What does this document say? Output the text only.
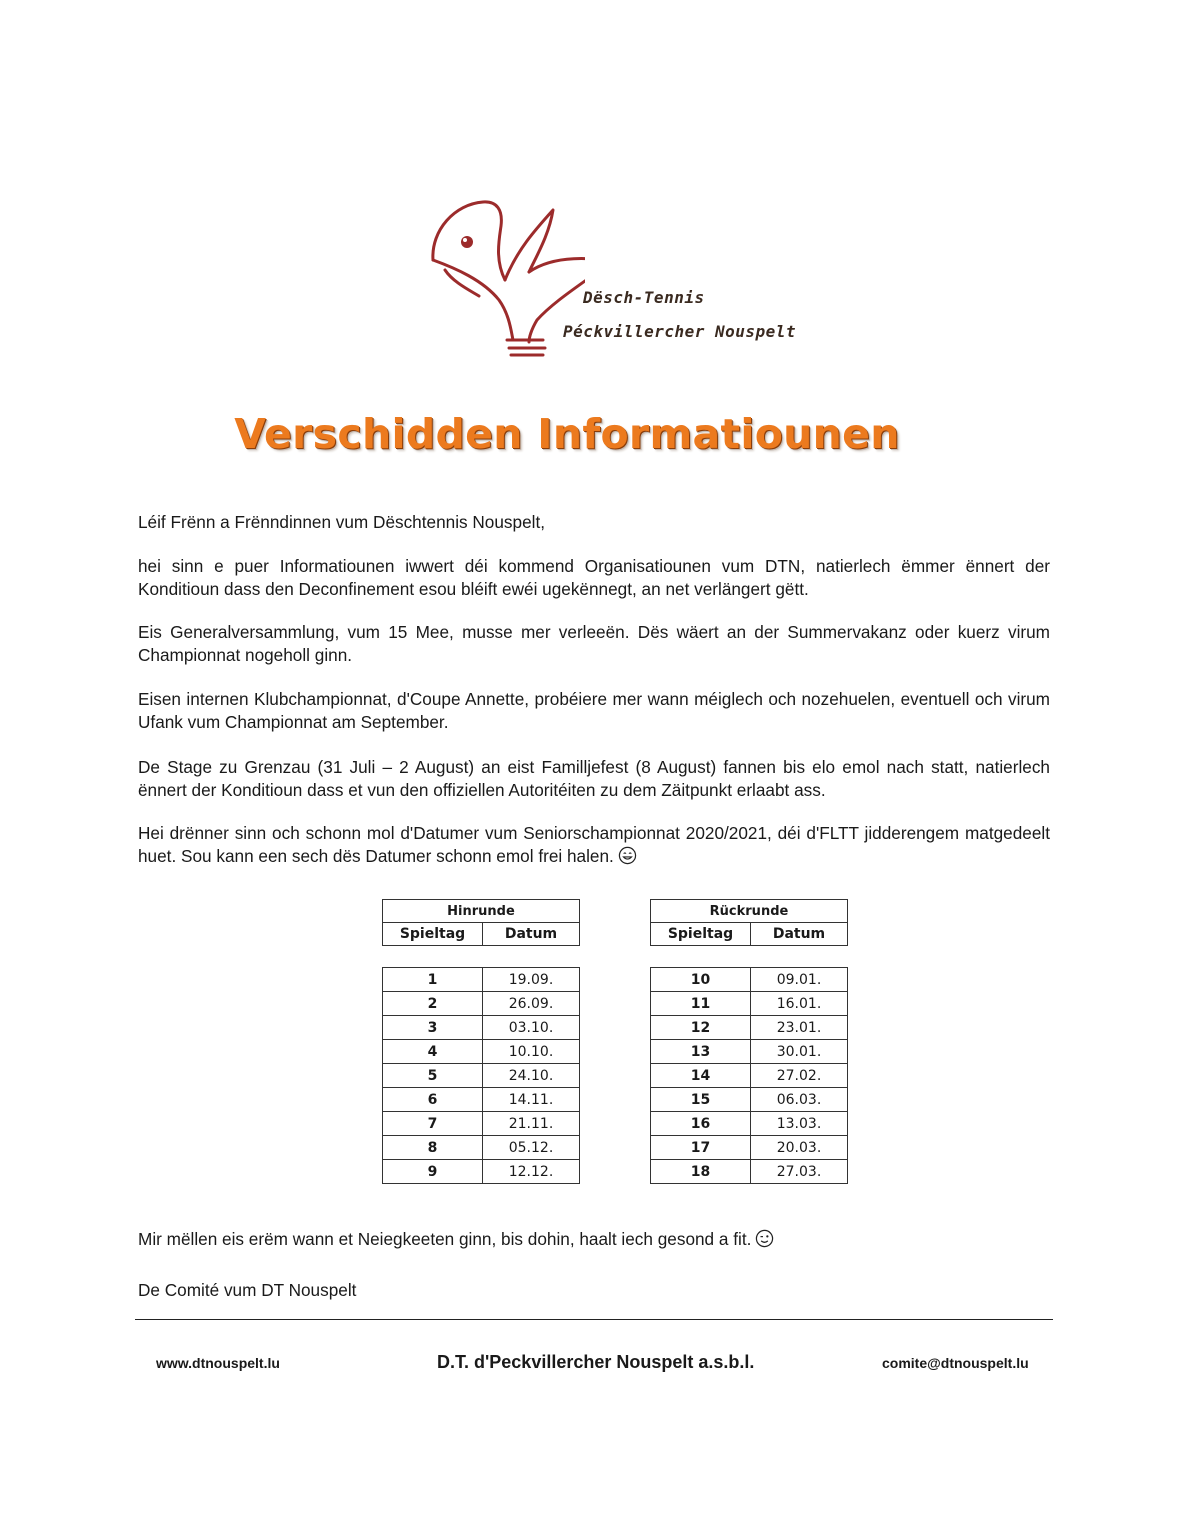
Dësch-Tennis
Péckvillercher Nouspelt
Verschidden Informatiounen
Léif Frënn a Frënndinnen vum Dëschtennis Nouspelt,
hei sinn e puer Informatiounen iwwert déi kommend Organisatiounen vum DTN, natierlech ëmmer ënnert der Konditioun dass den Deconfinement esou bléift ewéi ugekënnegt, an net verlängert gëtt.
Eis Generalversammlung, vum 15 Mee, musse mer verleeën. Dës wäert an der Summervakanz oder kuerz virum Championnat nogeholl ginn.
Eisen internen Klubchampionnat, d'Coupe Annette, probéiere mer wann méiglech och nozehuelen, eventuell och virum Ufank vum Championnat am September.
De Stage zu Grenzau (31 Juli – 2 August) an eist Familljefest (8 August) fannen bis elo emol nach statt, natierlech ënnert der Konditioun dass et vun den offiziellen Autoritéiten zu dem Zäitpunkt erlaabt ass.
Hei drënner sinn och schonn mol d'Datumer vum Seniorschampionnat 2020/2021, déi d'FLTT jidderengem matgedeelt huet. Sou kann een sech dës Datumer schonn emol frei halen.
Hinrunde
Spieltag	Datum
1	19.09.
2	26.09.
3	03.10.
4	10.10.
5	24.10.
6	14.11.
7	21.11.
8	05.12.
9	12.12.
Rückrunde
Spieltag	Datum
10	09.01.
11	16.01.
12	23.01.
13	30.01.
14	27.02.
15	06.03.
16	13.03.
17	20.03.
18	27.03.
Mir mëllen eis erëm wann et Neiegkeeten ginn, bis dohin, haalt iech gesond a fit.
De Comité vum DT Nouspelt
www.dtnouspelt.lu	D.T. d'Peckvillercher Nouspelt a.s.b.l.	comite@dtnouspelt.lu
